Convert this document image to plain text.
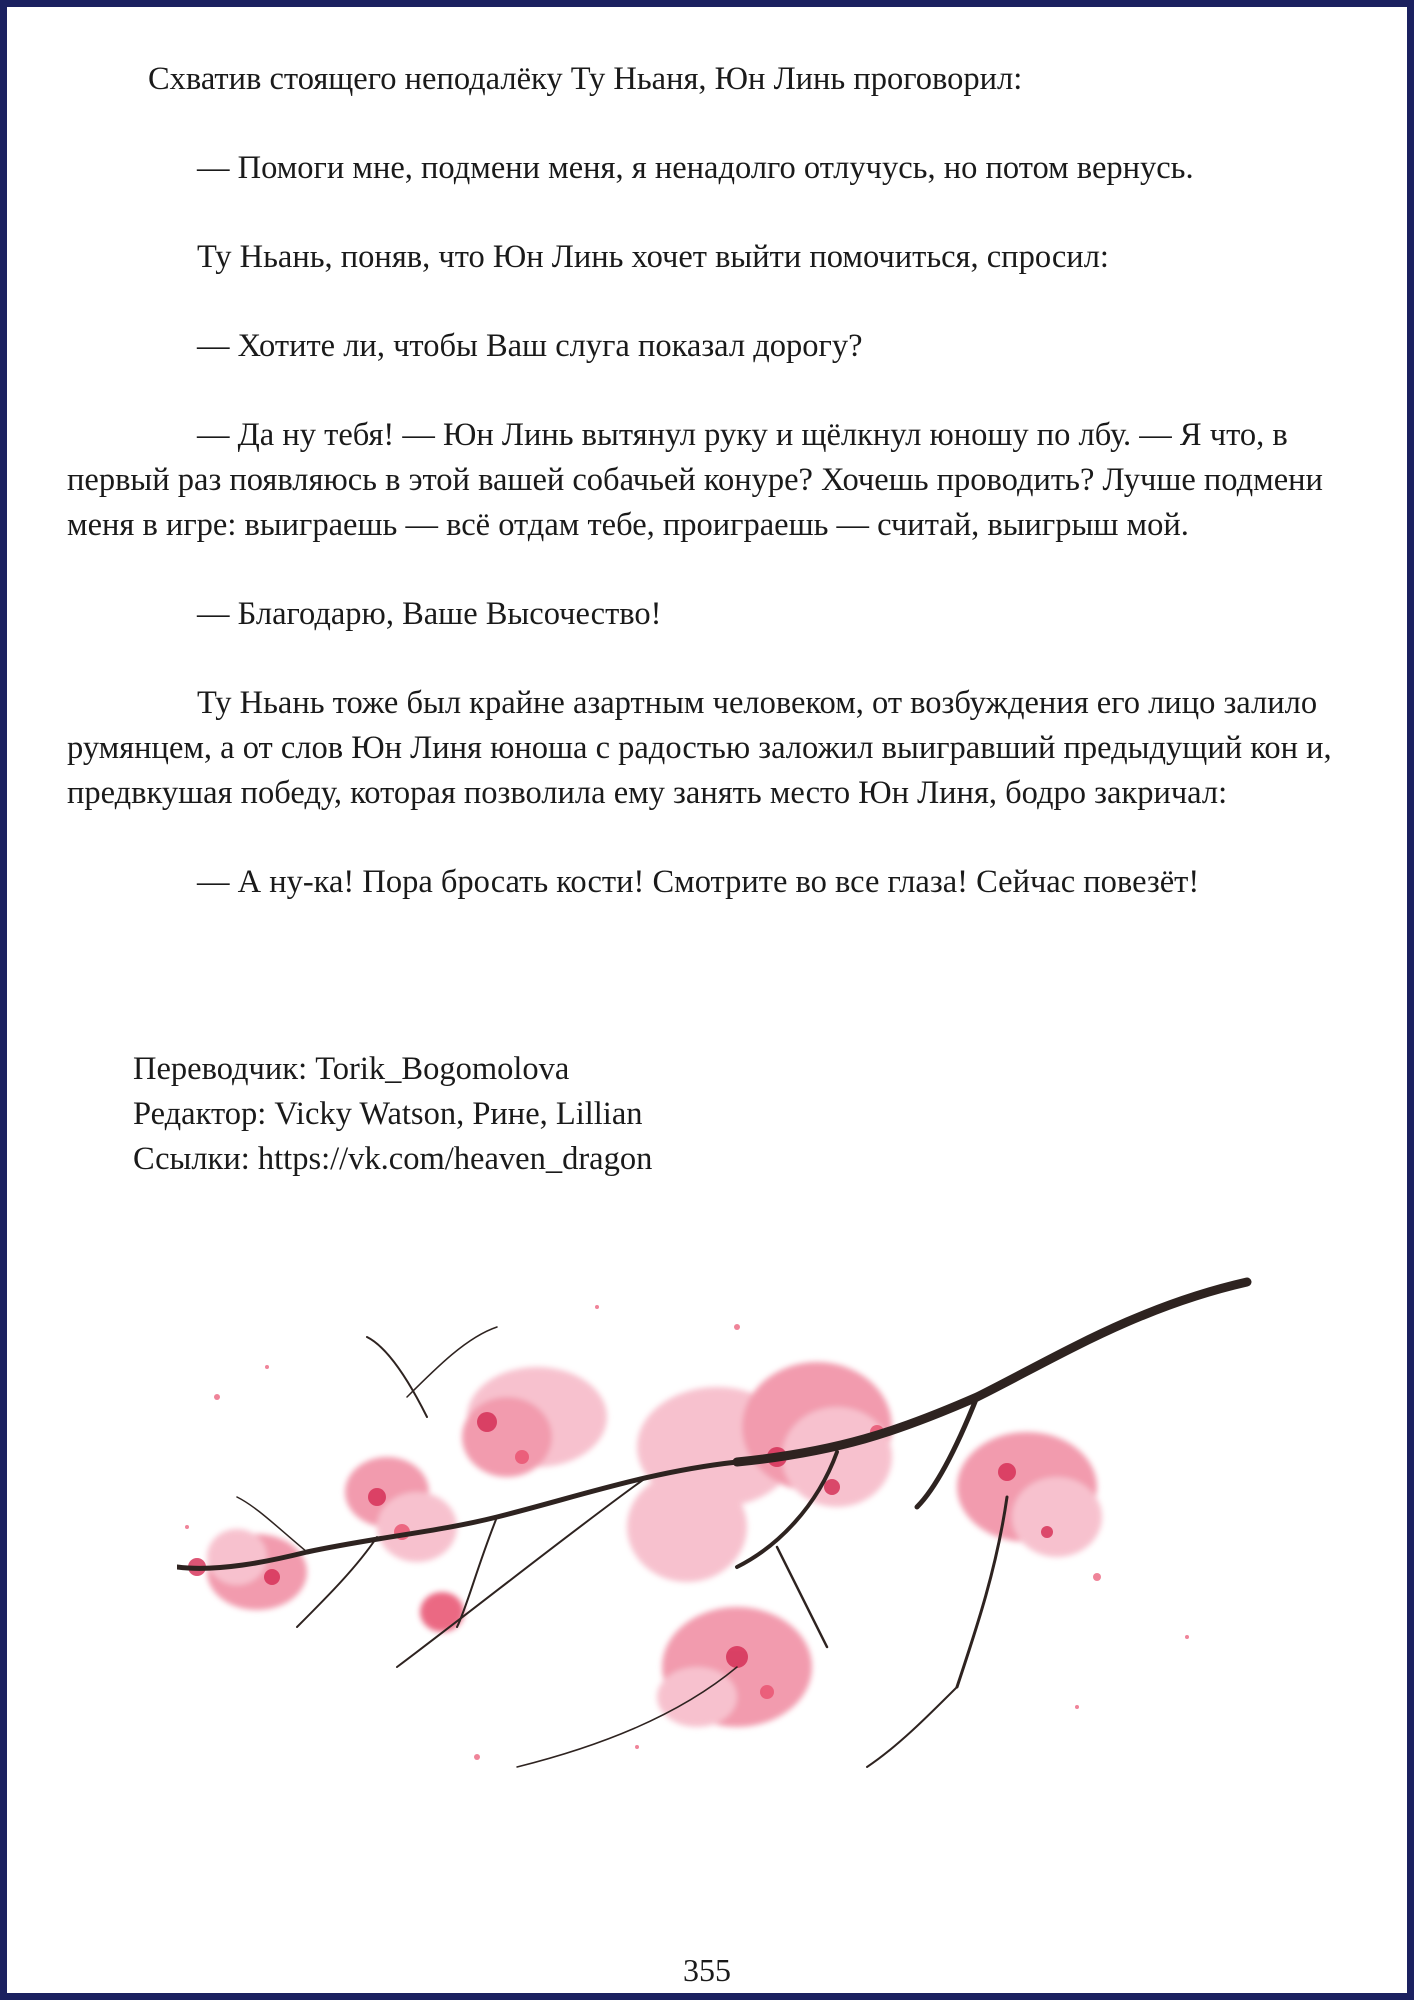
Схватив стоящего неподалёку Ту Ньаня, Юн Линь проговорил:

— Помоги мне, подмени меня, я ненадолго отлучусь, но потом вернусь.

Ту Ньань, поняв, что Юн Линь хочет выйти помочиться, спросил:

— Хотите ли, чтобы Ваш слуга показал дорогу?

— Да ну тебя! — Юн Линь вытянул руку и щёлкнул юношу по лбу. — Я что, в первый раз появляюсь в этой вашей собачьей конуре? Хочешь проводить? Лучше подмени меня в игре: выиграешь — всё отдам тебе, проиграешь — считай, выигрыш мой.

— Благодарю, Ваше Высочество!

Ту Ньань тоже был крайне азартным человеком, от возбуждения его лицо залило румянцем, а от слов Юн Линя юноша с радостью заложил выигравший предыдущий кон и, предвкушая победу, которая позволила ему занять место Юн Линя, бодро закричал:

— А ну-ка! Пора бросать кости! Смотрите во все глаза! Сейчас повезёт!

Переводчик: Torik_Bogomolova
Редактор: Vicky Watson, Рине, Lillian
Ссылки: https://vk.com/heaven_dragon
355
